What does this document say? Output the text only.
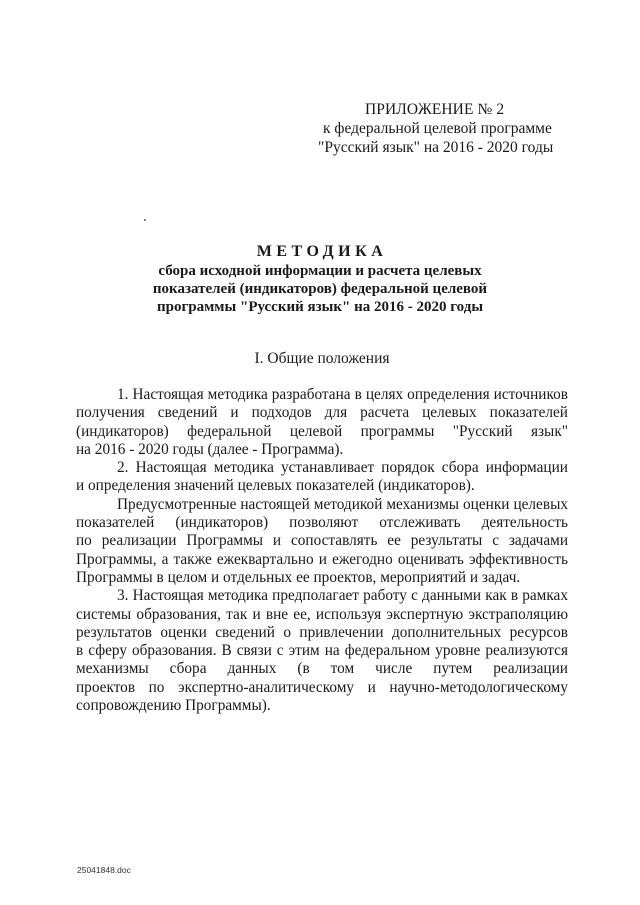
ПРИЛОЖЕНИЕ № 2
к федеральной целевой программе
"Русский язык" на 2016 - 2020 годы
МЕТОДИКА
сбора исходной информации и расчета целевых
показателей (индикаторов) федеральной целевой
программы "Русский язык" на 2016 - 2020 годы
I. Общие положения
1. Настоящая методика разработана в целях определения источников
получения сведений и подходов для расчета целевых показателей
(индикаторов) федеральной целевой программы "Русский язык"
на 2016 - 2020 годы (далее - Программа).
2. Настоящая методика устанавливает порядок сбора информации
и определения значений целевых показателей (индикаторов).
Предусмотренные настоящей методикой механизмы оценки целевых
показателей (индикаторов) позволяют отслеживать деятельность
по реализации Программы и сопоставлять ее результаты с задачами
Программы, а также ежеквартально и ежегодно оценивать эффективность
Программы в целом и отдельных ее проектов, мероприятий и задач.
3. Настоящая методика предполагает работу с данными как в рамках
системы образования, так и вне ее, используя экспертную экстраполяцию
результатов оценки сведений о привлечении дополнительных ресурсов
в сферу образования. В связи с этим на федеральном уровне реализуются
механизмы сбора данных (в том числе путем реализации
проектов по экспертно-аналитическому и научно-методологическому
сопровождению Программы).
25041848.doc
